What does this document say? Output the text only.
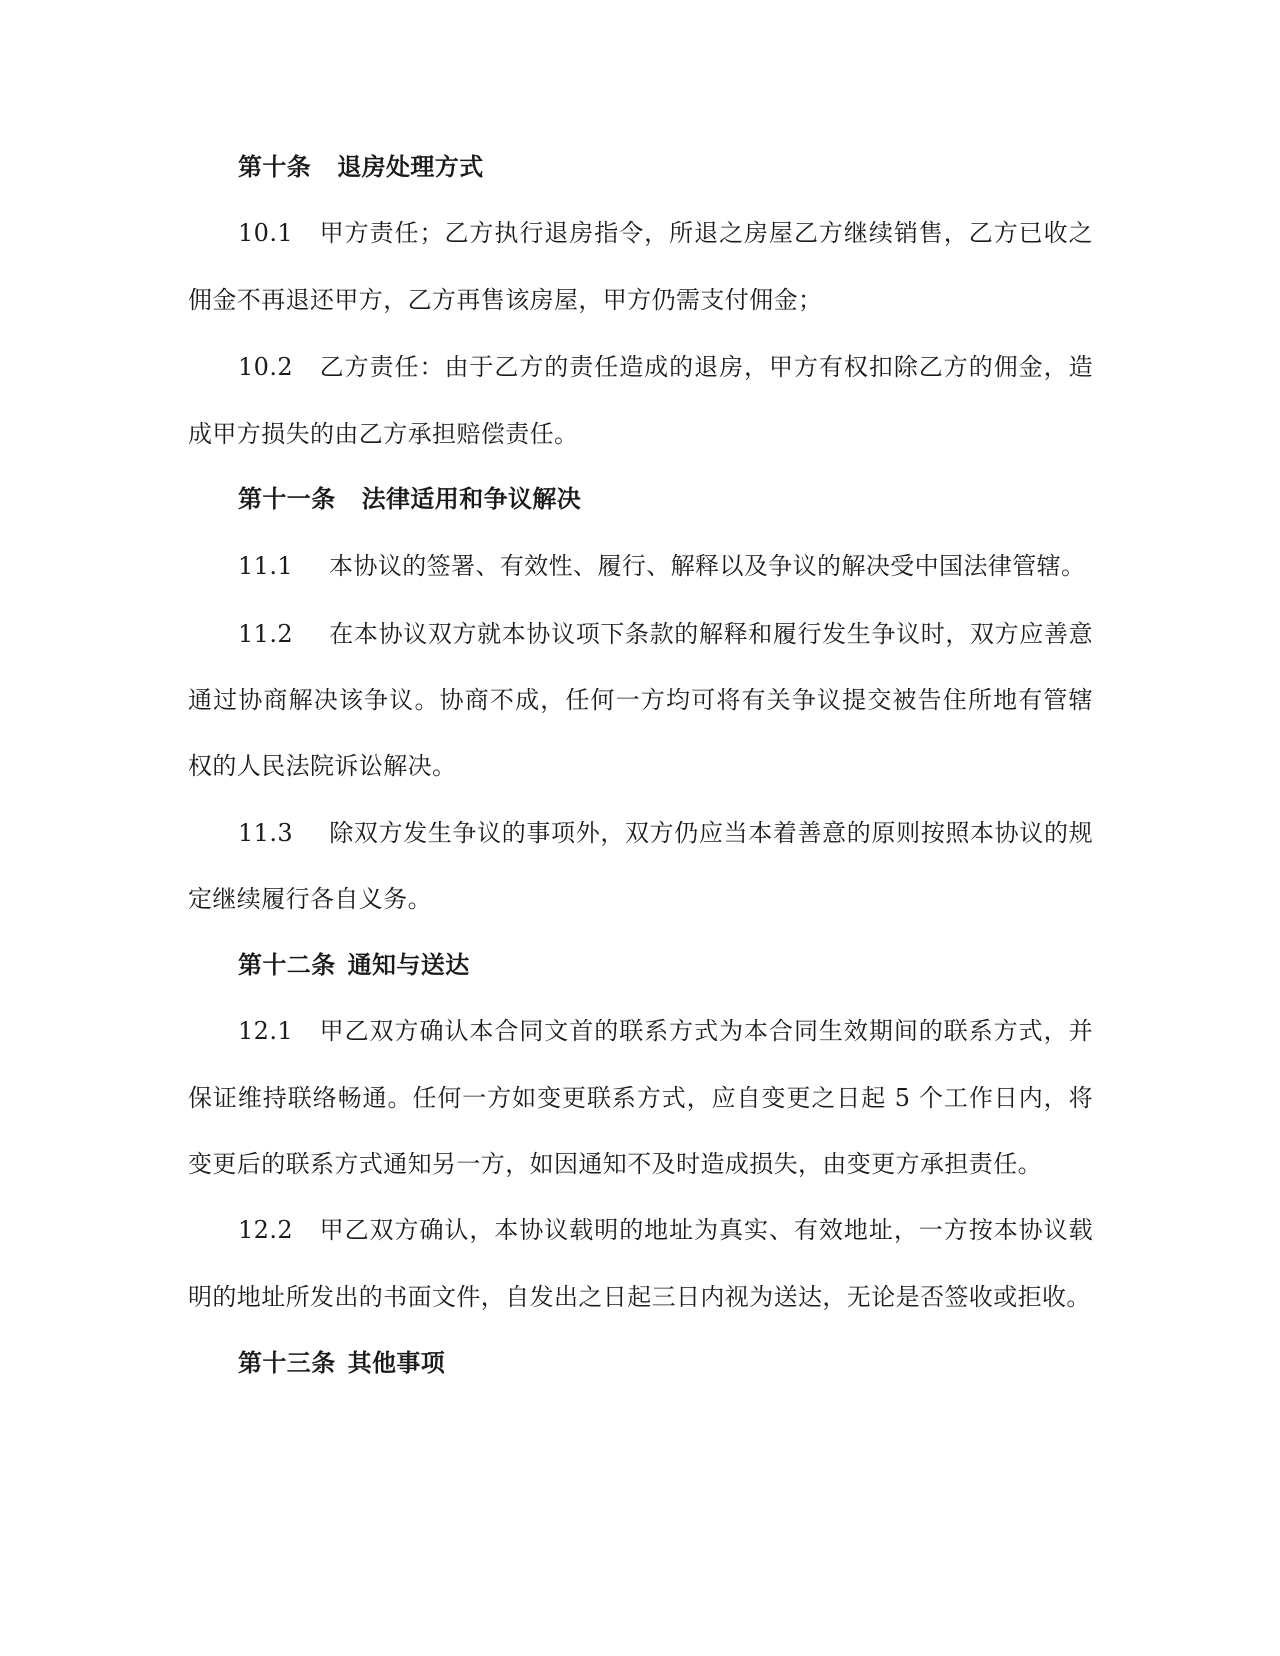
第十条 退房处理方式
10.1 甲方责任；乙方执行退房指令，所退之房屋乙方继续销售，乙方已收之
佣金不再退还甲方，乙方再售该房屋，甲方仍需支付佣金；
10.2 乙方责任：由于乙方的责任造成的退房，甲方有权扣除乙方的佣金，造
成甲方损失的由乙方承担赔偿责任。
第十一条 法律适用和争议解决
11.1 本协议的签署、有效性、履行、解释以及争议的解决受中国法律管辖。
11.2 在本协议双方就本协议项下条款的解释和履行发生争议时，双方应善意
通过协商解决该争议。协商不成，任何一方均可将有关争议提交被告住所地有管辖
权的人民法院诉讼解决。
11.3 除双方发生争议的事项外，双方仍应当本着善意的原则按照本协议的规
定继续履行各自义务。
第十二条 通知与送达
12.1 甲乙双方确认本合同文首的联系方式为本合同生效期间的联系方式，并
保证维持联络畅通。任何一方如变更联系方式，应自变更之日起 5 个工作日内，将
变更后的联系方式通知另一方，如因通知不及时造成损失，由变更方承担责任。
12.2 甲乙双方确认，本协议载明的地址为真实、有效地址，一方按本协议载
明的地址所发出的书面文件，自发出之日起三日内视为送达，无论是否签收或拒收。
第十三条 其他事项
